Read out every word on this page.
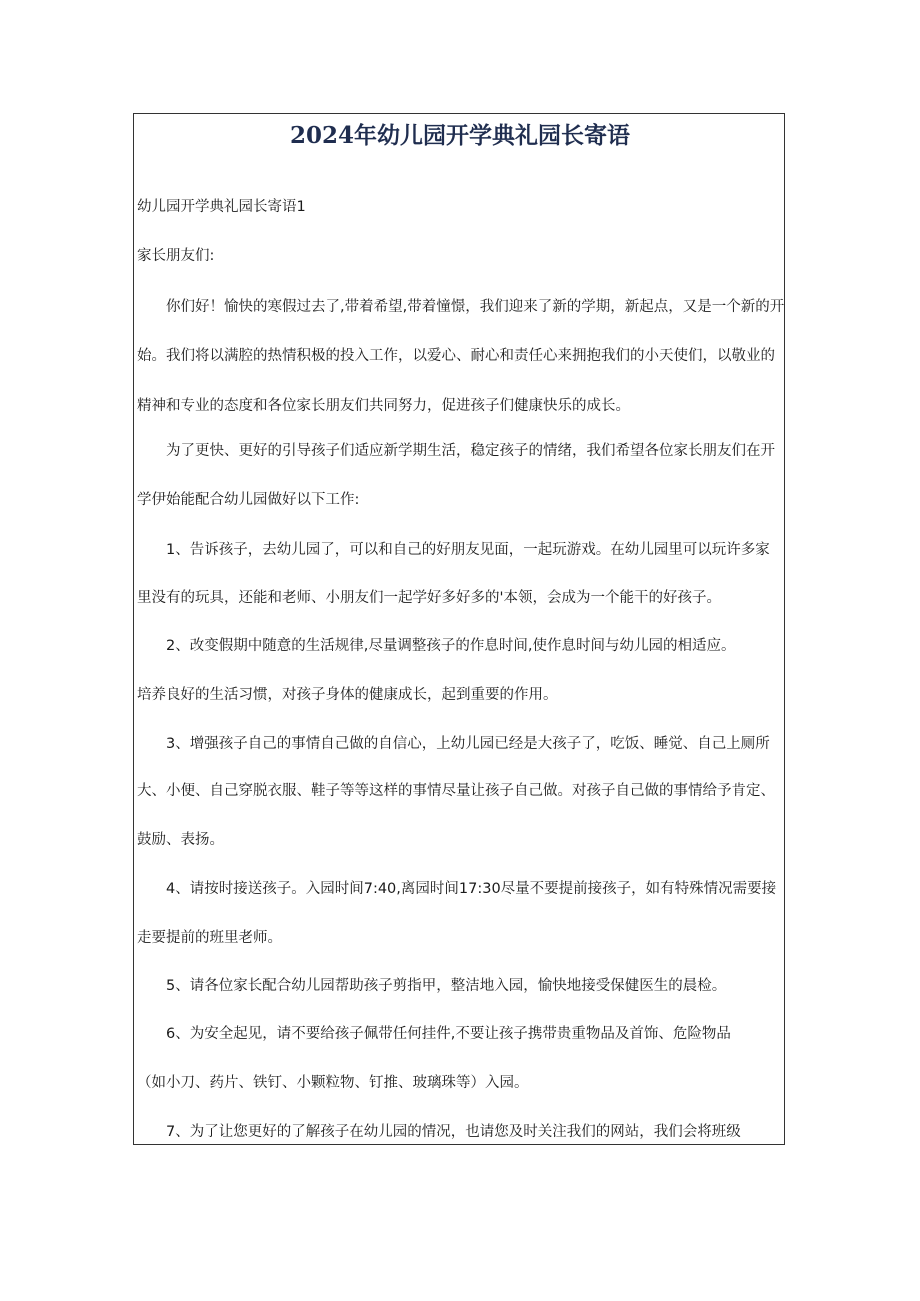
2024年幼儿园开学典礼园长寄语

幼儿园开学典礼园长寄语1

家长朋友们:

你们好！愉快的寒假过去了,带着希望,带着憧憬，我们迎来了新的学期，新起点，又是一个新的开

始。我们将以满腔的热情积极的投入工作，以爱心、耐心和责任心来拥抱我们的小天使们，以敬业的

精神和专业的态度和各位家长朋友们共同努力，促进孩子们健康快乐的成长。

为了更快、更好的引导孩子们适应新学期生活，稳定孩子的情绪，我们希望各位家长朋友们在开

学伊始能配合幼儿园做好以下工作:

1、告诉孩子，去幼儿园了，可以和自己的好朋友见面，一起玩游戏。在幼儿园里可以玩许多家

里没有的玩具，还能和老师、小朋友们一起学好多好多的'本领，会成为一个能干的好孩子。

2、改变假期中随意的生活规律,尽量调整孩子的作息时间,使作息时间与幼儿园的相适应。

培养良好的生活习惯，对孩子身体的健康成长，起到重要的作用。

3、增强孩子自己的事情自己做的自信心，上幼儿园已经是大孩子了，吃饭、睡觉、自己上厕所

大、小便、自己穿脱衣服、鞋子等等这样的事情尽量让孩子自己做。对孩子自己做的事情给予肯定、

鼓励、表扬。

4、请按时接送孩子。入园时间7:40,离园时间17:30尽量不要提前接孩子，如有特殊情况需要接

走要提前的班里老师。

5、请各位家长配合幼儿园帮助孩子剪指甲，整洁地入园，愉快地接受保健医生的晨检。

6、为安全起见，请不要给孩子佩带任何挂件,不要让孩子携带贵重物品及首饰、危险物品

（如小刀、药片、铁钉、小颗粒物、钉推、玻璃珠等）入园。

7、为了让您更好的了解孩子在幼儿园的情况，也请您及时关注我们的网站，我们会将班级
